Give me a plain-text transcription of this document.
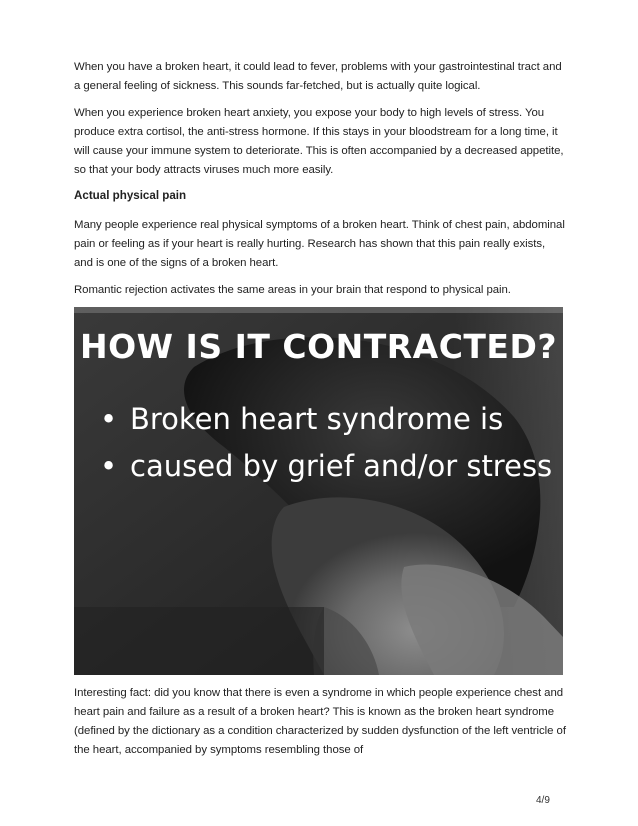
When you have a broken heart, it could lead to fever, problems with your gastrointestinal tract and a general feeling of sickness. This sounds far-fetched, but is actually quite logical.

When you experience broken heart anxiety, you expose your body to high levels of stress. You produce extra cortisol, the anti-stress hormone. If this stays in your bloodstream for a long time, it will cause your immune system to deteriorate. This is often accompanied by a decreased appetite, so that your body attracts viruses much more easily.

Actual physical pain

Many people experience real physical symptoms of a broken heart. Think of chest pain, abdominal pain or feeling as if your heart is really hurting. Research has shown that this pain really exists, and is one of the signs of a broken heart.

Romantic rejection activates the same areas in your brain that respond to physical pain.

HOW IS IT CONTRACTED?

• Broken heart syndrome is

• caused by grief and/or stress

Interesting fact: did you know that there is even a syndrome in which people experience chest and heart pain and failure as a result of a broken heart? This is known as the broken heart syndrome (defined by the dictionary as a condition characterized by sudden dysfunction of the left ventricle of the heart, accompanied by symptoms resembling those of

4/9
